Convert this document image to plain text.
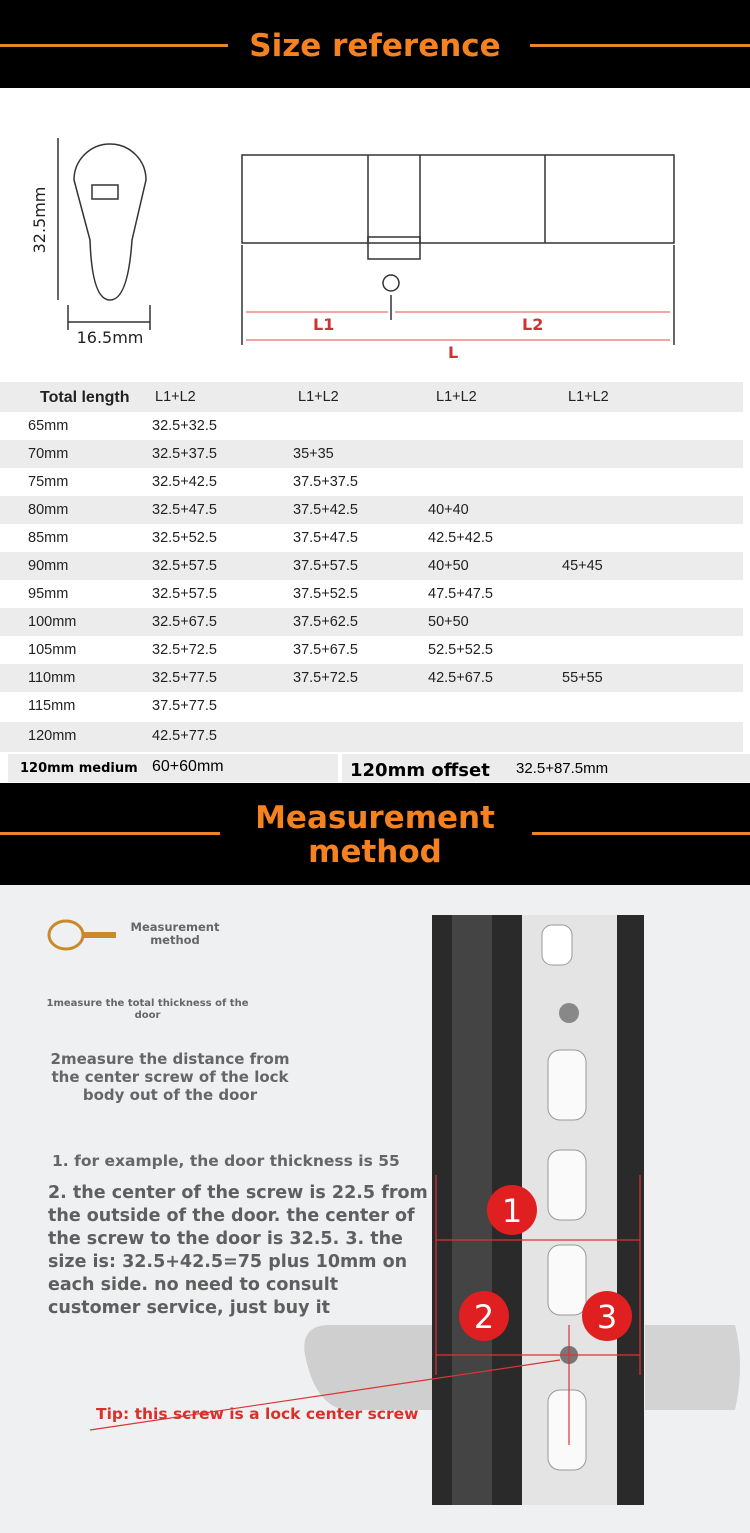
Size reference
32.5mm
16.5mm
L1	L2
L
Total length L1+L2	L1+L2	L1+L2	L1+L2
65mm	32.5+32.5
70mm	32.5+37.5	35+35
75mm	32.5+42.5	37.5+37.5
80mm	32.5+47.5	37.5+42.5	40+40
85mm	32.5+52.5	37.5+47.5	42.5+42.5
90mm	32.5+57.5	37.5+57.5	40+50	45+45
95mm	32.5+57.5	37.5+52.5	47.5+47.5
100mm	32.5+67.5	37.5+62.5	50+50
105mm	32.5+72.5	37.5+67.5	52.5+52.5
110mm	32.5+77.5	37.5+72.5	42.5+67.5	55+55
115mm	37.5+77.5
120mm	42.5+77.5
120mm medium 60+60mm	120mm offset 32.5+87.5mm
Measurement
method
1
2	3
Measurement method
1measure the total thickness of the door
2measure the distance from the center screw of the lock body out of the door
1. for example, the door thickness is 55
2. the center of the screw is 22.5 from the outside of the door. the center of the screw to the door is 32.5. 3. the size is: 32.5+42.5=75 plus 10mm on each side. no need to consult customer service, just buy it
Tip: this screw is a lock center screw
